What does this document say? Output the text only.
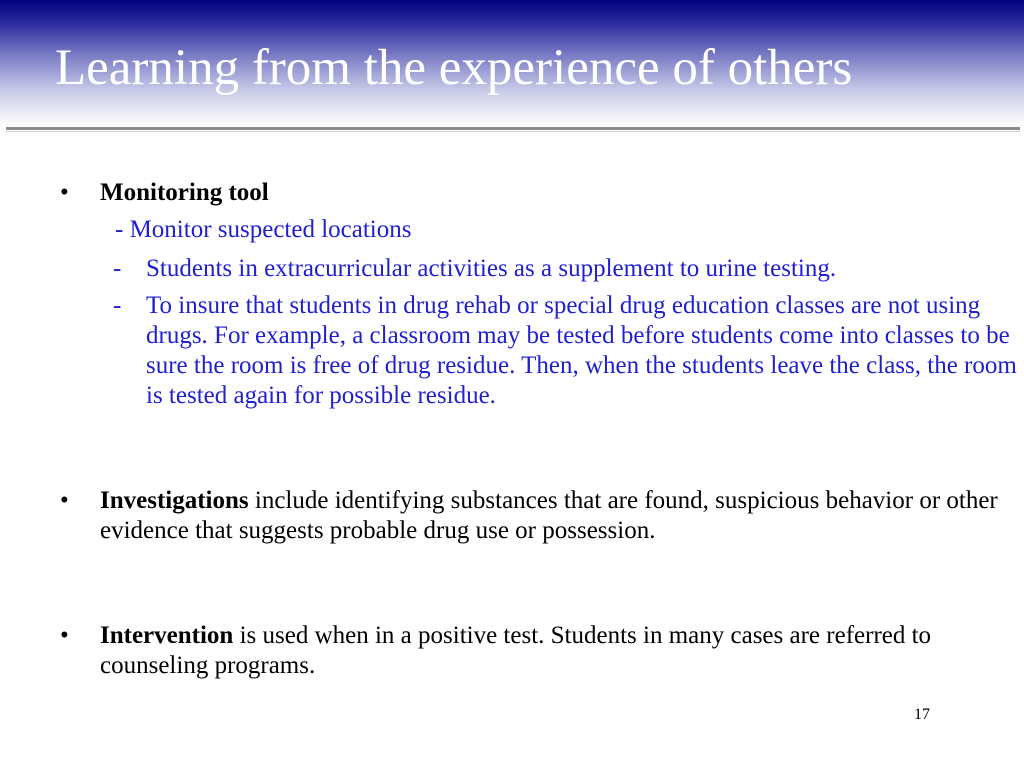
Learning from the experience of others
• Monitoring tool
- Monitor suspected locations
- Students in extracurricular activities as a supplement to urine testing.
- To insure that students in drug rehab or special drug education classes are not using drugs. For example, a classroom may be tested before students come into classes to be sure the room is free of drug residue. Then, when the students leave the class, the room is tested again for possible residue.
• Investigations include identifying substances that are found, suspicious behavior or other evidence that suggests probable drug use or possession.
• Intervention is used when in a positive test. Students in many cases are referred to counseling programs.
17
